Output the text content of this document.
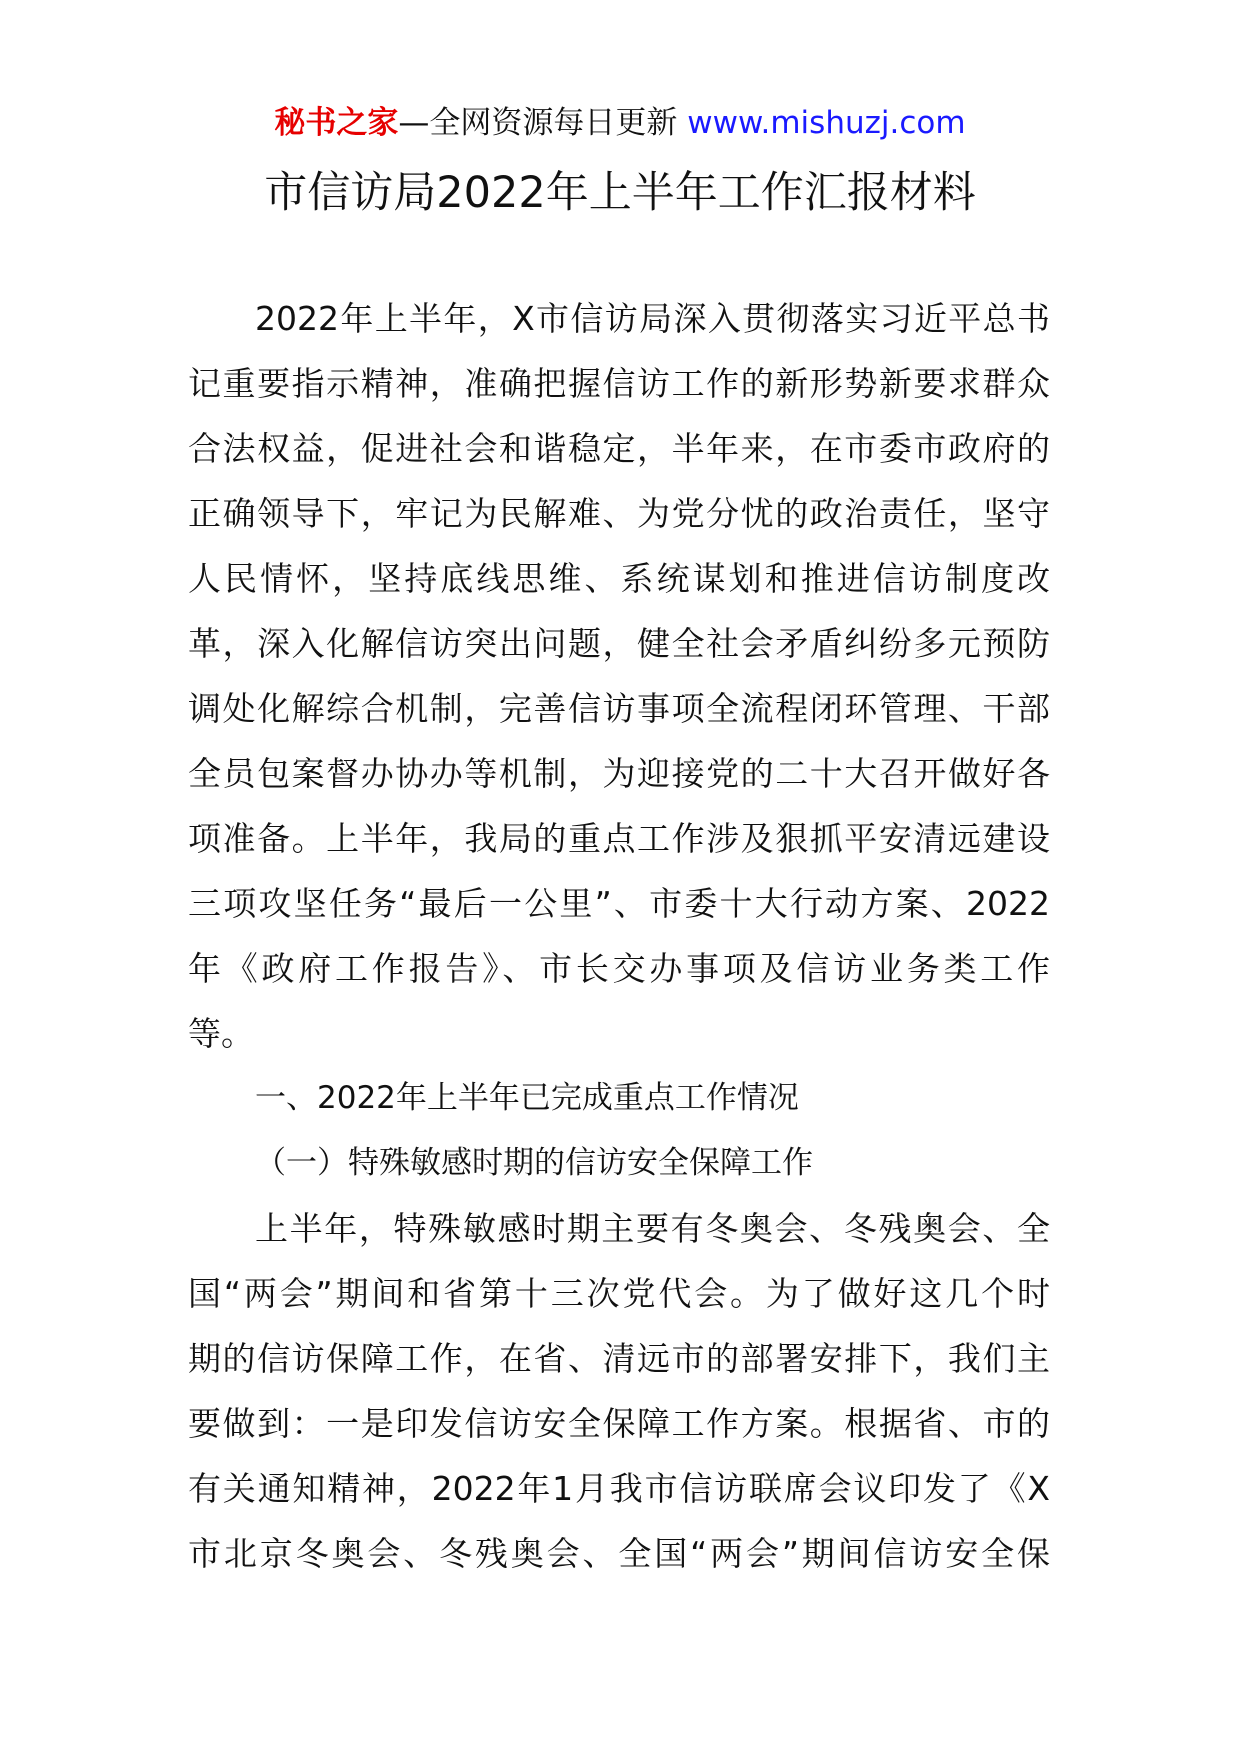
秘书之家—全网资源每日更新 www.mishuzj.com
市信访局2022年上半年工作汇报材料
2022年上半年，X市信访局深入贯彻落实习近平总书
记重要指示精神，准确把握信访工作的新形势新要求群众
合法权益，促进社会和谐稳定，半年来，在市委市政府的
正确领导下，牢记为民解难、为党分忧的政治责任，坚守
人民情怀，坚持底线思维、系统谋划和推进信访制度改
革，深入化解信访突出问题，健全社会矛盾纠纷多元预防
调处化解综合机制，完善信访事项全流程闭环管理、干部
全员包案督办协办等机制，为迎接党的二十大召开做好各
项准备。上半年，我局的重点工作涉及狠抓平安清远建设
三项攻坚任务“最后一公里”、市委十大行动方案、2022
年《政府工作报告》、市长交办事项及信访业务类工作
等。
一、2022年上半年已完成重点工作情况
（一）特殊敏感时期的信访安全保障工作
上半年，特殊敏感时期主要有冬奥会、冬残奥会、全
国“两会”期间和省第十三次党代会。为了做好这几个时
期的信访保障工作，在省、清远市的部署安排下，我们主
要做到：一是印发信访安全保障工作方案。根据省、市的
有关通知精神，2022年1月我市信访联席会议印发了《X
市北京冬奥会、冬残奥会、全国“两会”期间信访安全保
